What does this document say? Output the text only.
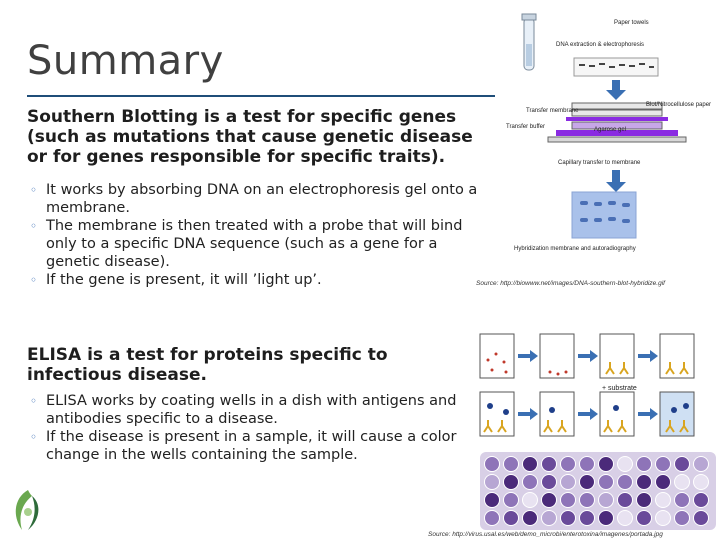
Summary

Southern Blotting is a test for specific genes (such as mutations that cause genetic disease or for genes responsible for specific traits).

◦ It works by absorbing DNA on an electrophoresis gel onto a membrane.
◦ The membrane is then treated with a probe that will bind only to a specific DNA sequence (such as a gene for a genetic disease).
◦ If the gene is present, it will ’light up’.
DNA extraction & electrophoresis
Paper towels
Blot/Nitrocellulose paper
Transfer membrane
Transfer buffer	Agarose gel
Capillary transfer to membrane
Hybridization membrane and autoradiography
Source: http://biowww.net/images/DNA-southern-blot-hybridize.gif

ELISA is a test for proteins specific to infectious disease.

◦ ELISA works by coating wells in a dish with antigens and antibodies specific to a disease.
◦ If the disease is present in a sample, it will cause a color change in the wells containing the sample.
+ substrate
Source: http://virus.usal.es/web/demo_microbi/enterotoxina/imagenes/portada.jpg
